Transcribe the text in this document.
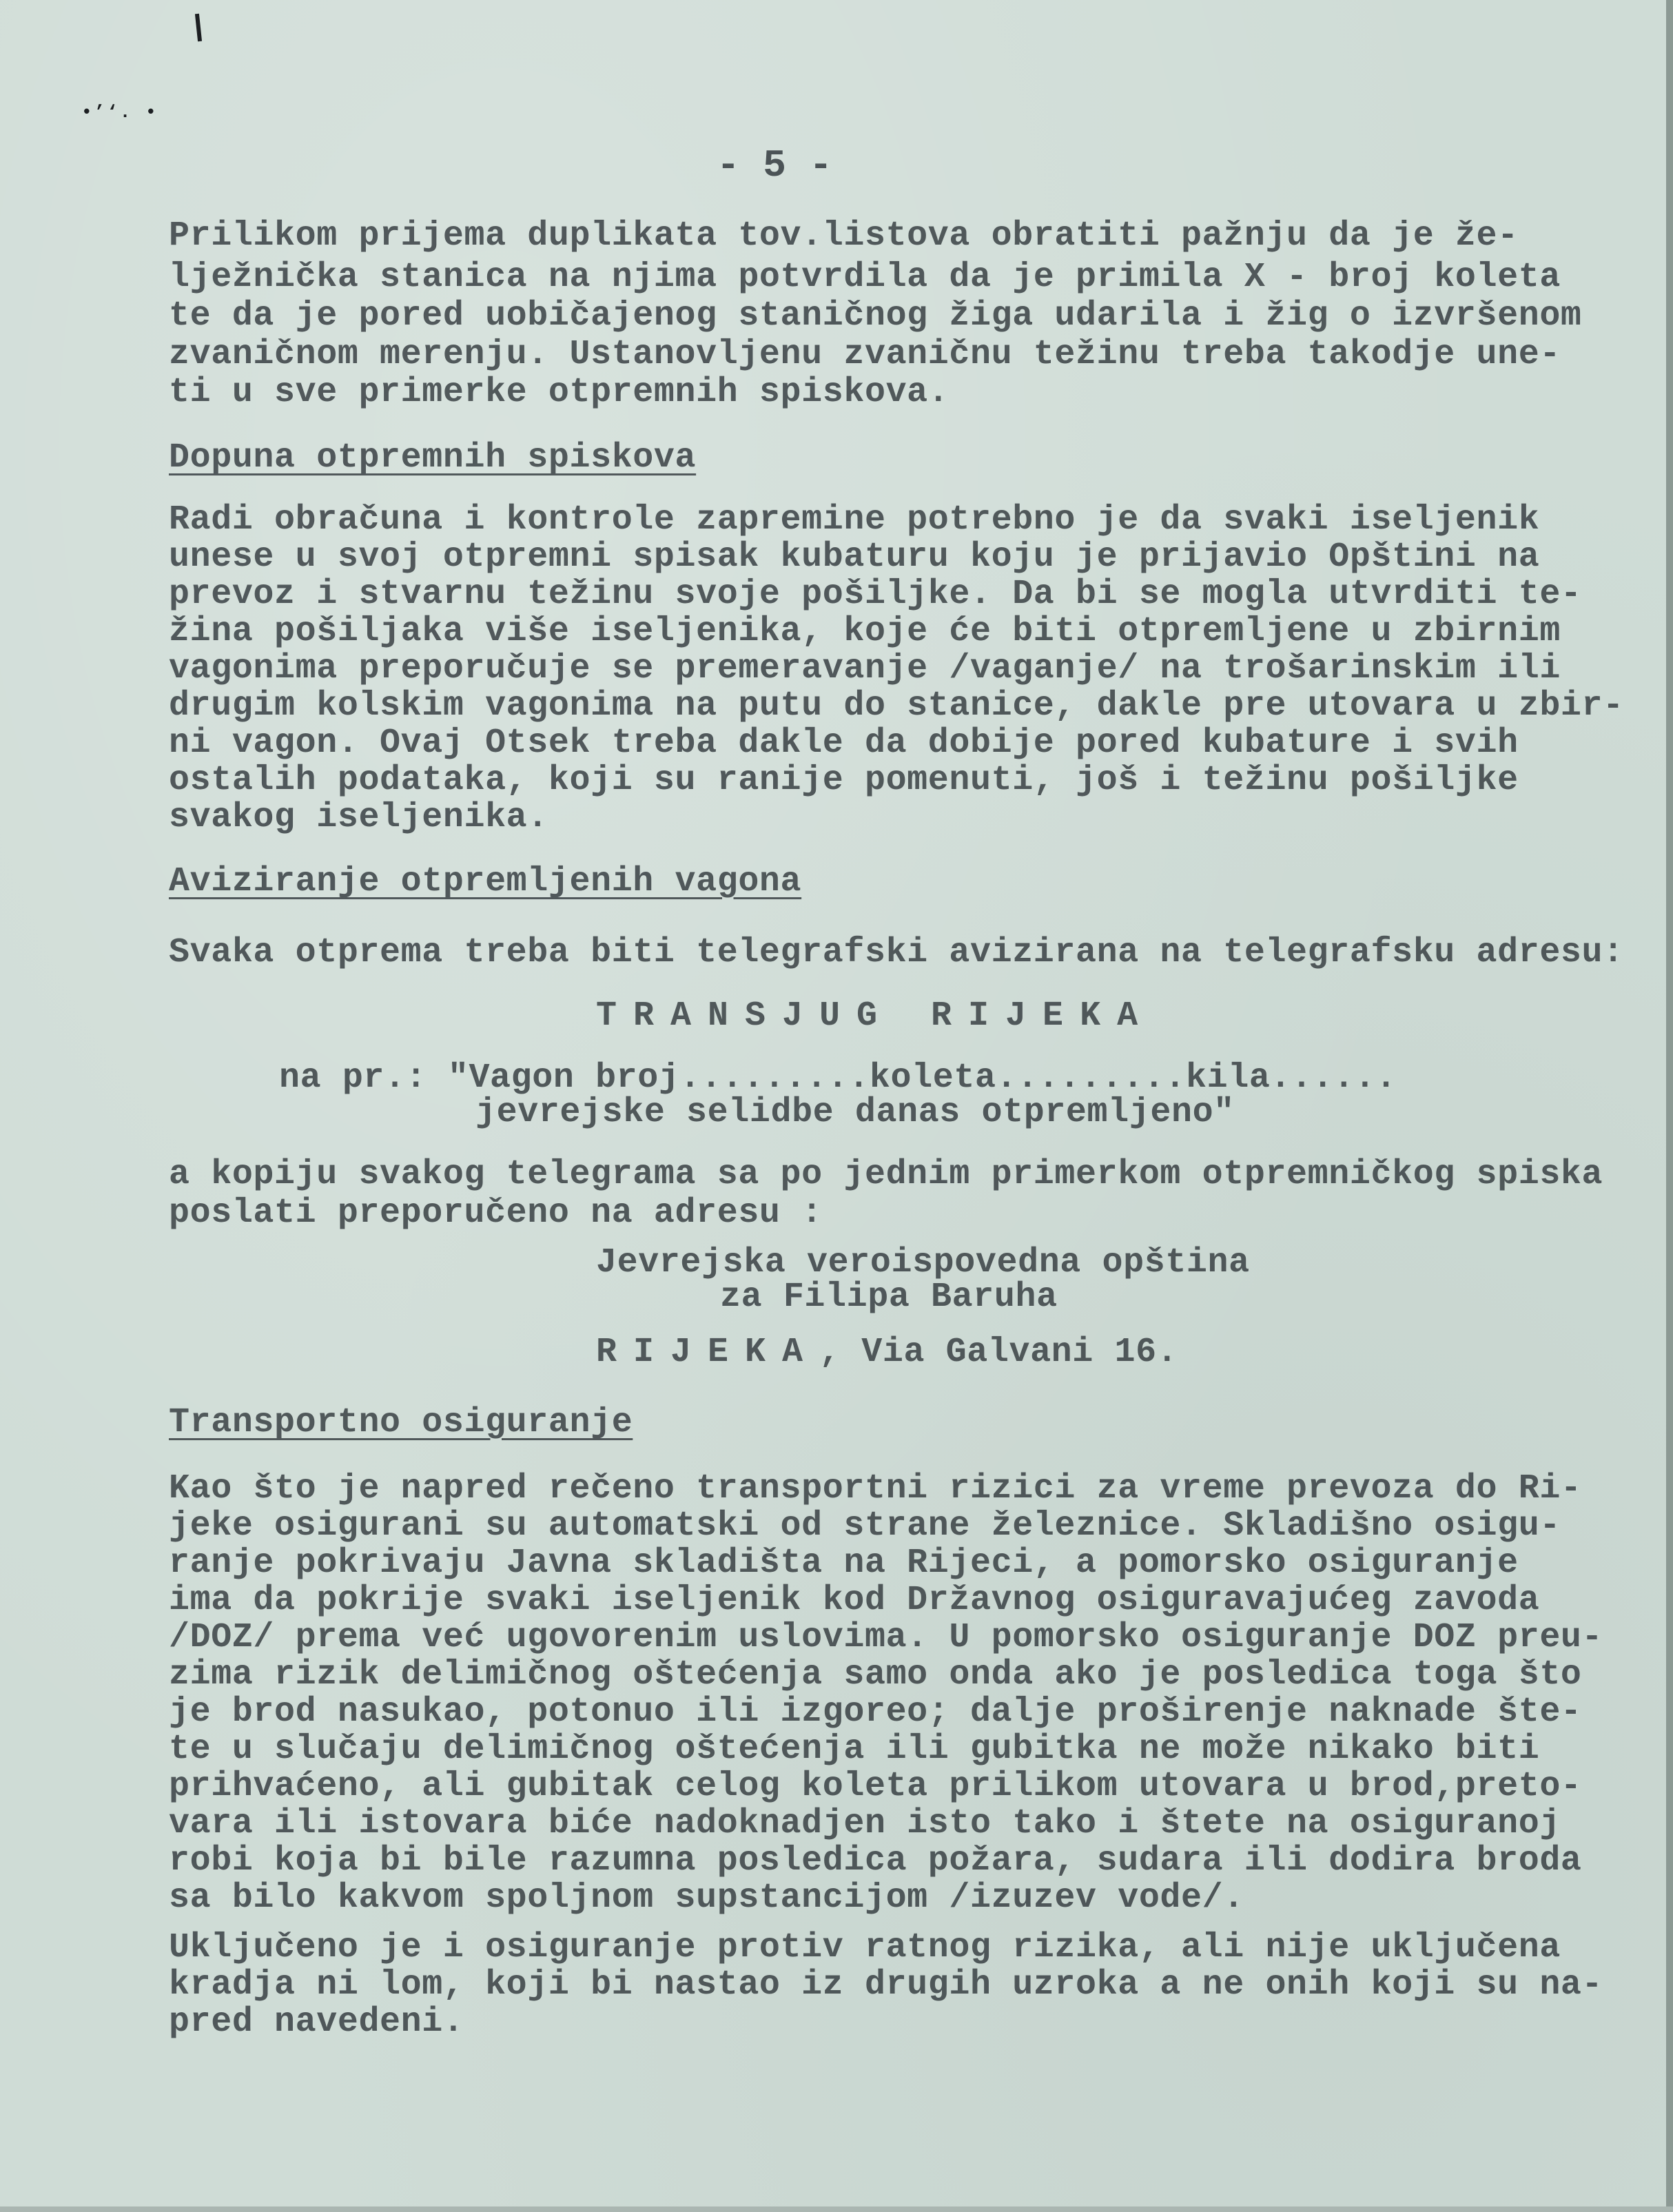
•’‘. •
- 5 -
Prilikom prijema duplikata tov.listova obratiti pažnju da je že-
lježnička stanica na njima potvrdila da je primila X - broj koleta
te da je pored uobičajenog staničnog žiga udarila i žig o izvršenom
zvaničnom merenju. Ustanovljenu zvaničnu težinu treba takodje une-
ti u sve primerke otpremnih spiskova.
Dopuna otpremnih spiskova
Radi obračuna i kontrole zapremine potrebno je da svaki iseljenik
unese u svoj otpremni spisak kubaturu koju je prijavio Opštini na
prevoz i stvarnu težinu svoje pošiljke. Da bi se mogla utvrditi te-
žina pošiljaka više iseljenika, koje će biti otpremljene u zbirnim
vagonima preporučuje se premeravanje /vaganje/ na trošarinskim ili
drugim kolskim vagonima na putu do stanice, dakle pre utovara u zbir-
ni vagon. Ovaj Otsek treba dakle da dobije pored kubature i svih
ostalih podataka, koji su ranije pomenuti, još i težinu pošiljke
svakog iseljenika.
Aviziranje otpremljenih vagona
Svaka otprema treba biti telegrafski avizirana na telegrafsku adresu:
TRANSJUG RIJEKA
na pr.: "Vagon broj.........koleta.........kila......
jevrejske selidbe danas otpremljeno"
a kopiju svakog telegrama sa po jednim primerkom otpremničkog spiska
poslati preporučeno na adresu :
Jevrejska veroispovedna opština
za Filipa Baruha
RIJEKA, Via Galvani 16.
Transportno osiguranje
Kao što je napred rečeno transportni rizici za vreme prevoza do Ri-
jeke osigurani su automatski od strane železnice. Skladišno osigu-
ranje pokrivaju Javna skladišta na Rijeci, a pomorsko osiguranje
ima da pokrije svaki iseljenik kod Državnog osiguravajućeg zavoda
/DOZ/ prema već ugovorenim uslovima. U pomorsko osiguranje DOZ preu-
zima rizik delimičnog oštećenja samo onda ako je posledica toga što
je brod nasukao, potonuo ili izgoreo; dalje proširenje naknade šte-
te u slučaju delimičnog oštećenja ili gubitka ne može nikako biti
prihvaćeno, ali gubitak celog koleta prilikom utovara u brod,preto-
vara ili istovara biće nadoknadjen isto tako i štete na osiguranoj
robi koja bi bile razumna posledica požara, sudara ili dodira broda
sa bilo kakvom spoljnom supstancijom /izuzev vode/.
Uključeno je i osiguranje protiv ratnog rizika, ali nije uključena
kradja ni lom, koji bi nastao iz drugih uzroka a ne onih koji su na-
pred navedeni.
